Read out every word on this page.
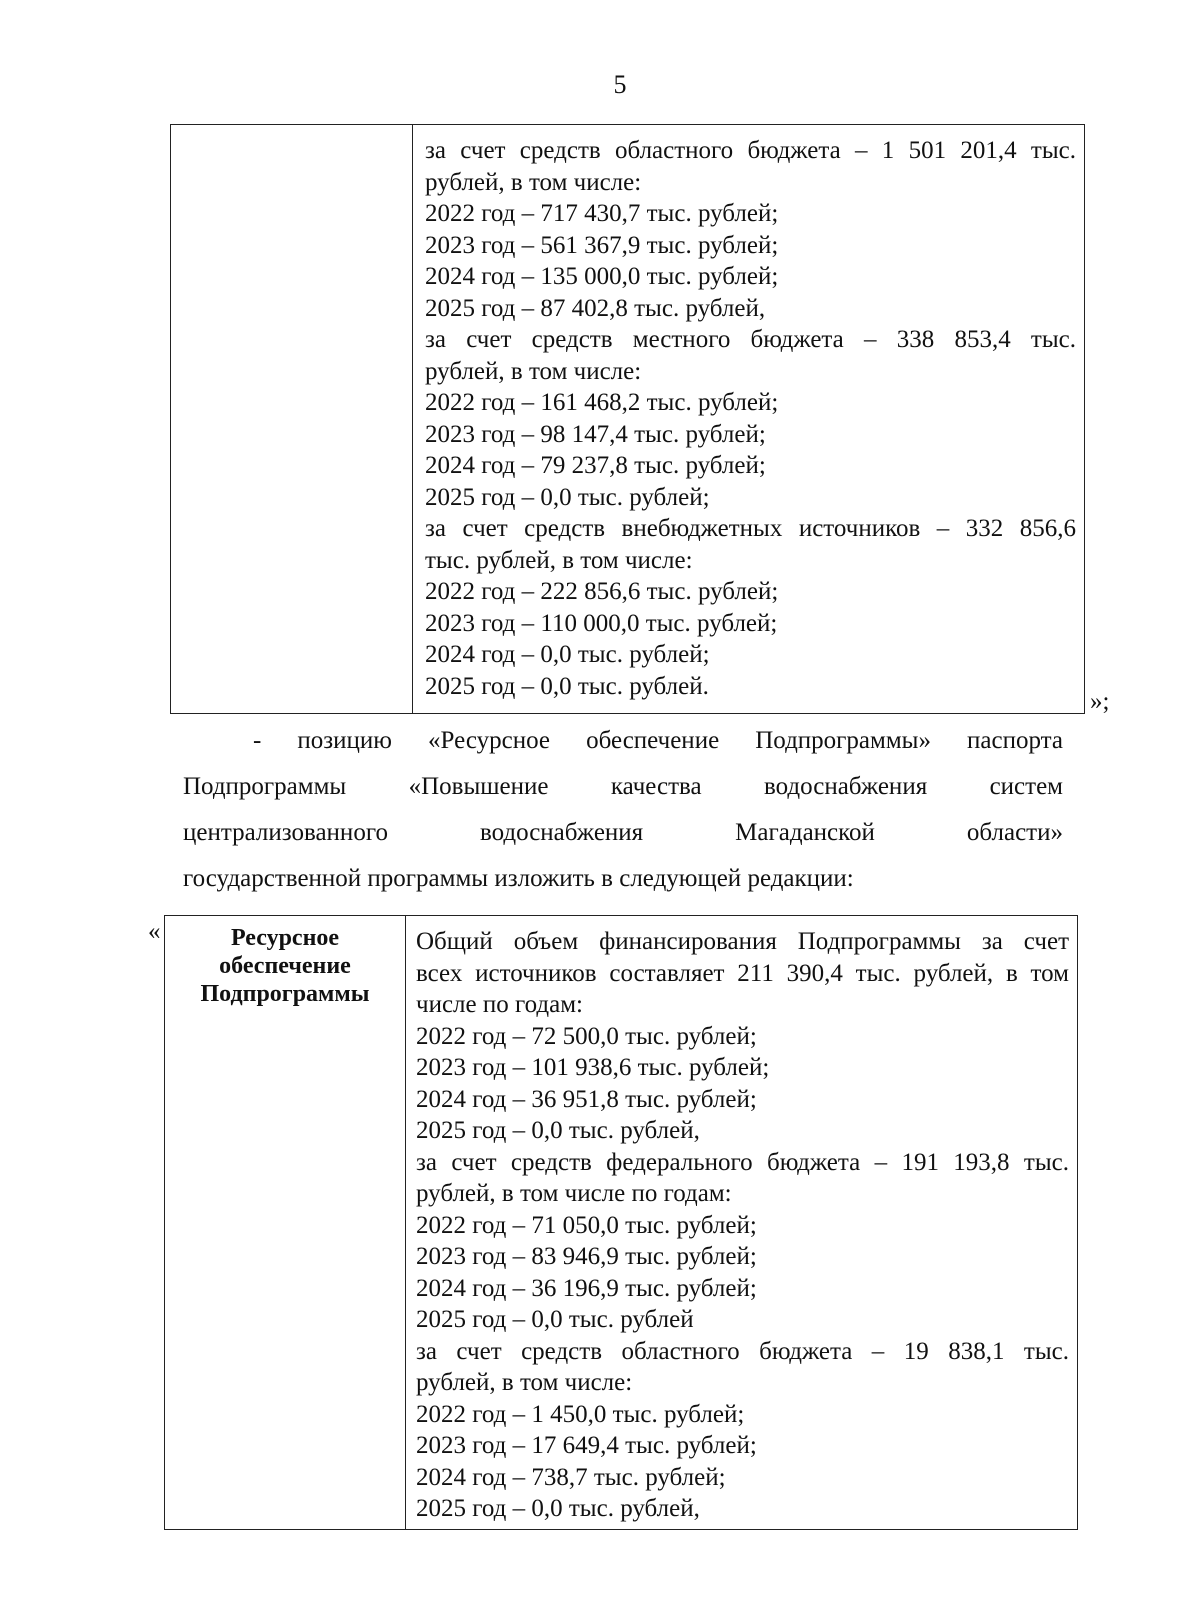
5

за счет средств областного бюджета – 1 501 201,4 тыс.
рублей, в том числе:
2022 год – 717 430,7 тыс. рублей;
2023 год – 561 367,9 тыс. рублей;
2024 год – 135 000,0 тыс. рублей;
2025 год – 87 402,8 тыс. рублей,
за счет средств местного бюджета – 338 853,4 тыс.
рублей, в том числе:
2022 год – 161 468,2 тыс. рублей;
2023 год – 98 147,4 тыс. рублей;
2024 год – 79 237,8 тыс. рублей;
2025 год – 0,0 тыс. рублей;
за счет средств внебюджетных источников – 332 856,6
тыс. рублей, в том числе:
2022 год – 222 856,6 тыс. рублей;
2023 год – 110 000,0 тыс. рублей;
2024 год – 0,0 тыс. рублей;
2025 год – 0,0 тыс. рублей.
»;
- позицию «Ресурсное обеспечение Подпрограммы» паспорта
Подпрограммы «Повышение качества водоснабжения систем
централизованного водоснабжения Магаданской области»
государственной программы изложить в следующей редакции:
«	Ресурсное
обеспечение
Подпрограммы

Общий объем финансирования Подпрограммы за счет
всех источников составляет 211 390,4 тыс. рублей, в том
числе по годам:
2022 год – 72 500,0 тыс. рублей;
2023 год – 101 938,6 тыс. рублей;
2024 год – 36 951,8 тыс. рублей;
2025 год – 0,0 тыс. рублей,
за счет средств федерального бюджета – 191 193,8 тыс.
рублей, в том числе по годам:
2022 год – 71 050,0 тыс. рублей;
2023 год – 83 946,9 тыс. рублей;
2024 год – 36 196,9 тыс. рублей;
2025 год – 0,0 тыс. рублей
за счет средств областного бюджета – 19 838,1 тыс.
рублей, в том числе:
2022 год – 1 450,0 тыс. рублей;
2023 год – 17 649,4 тыс. рублей;
2024 год – 738,7 тыс. рублей;
2025 год – 0,0 тыс. рублей,
